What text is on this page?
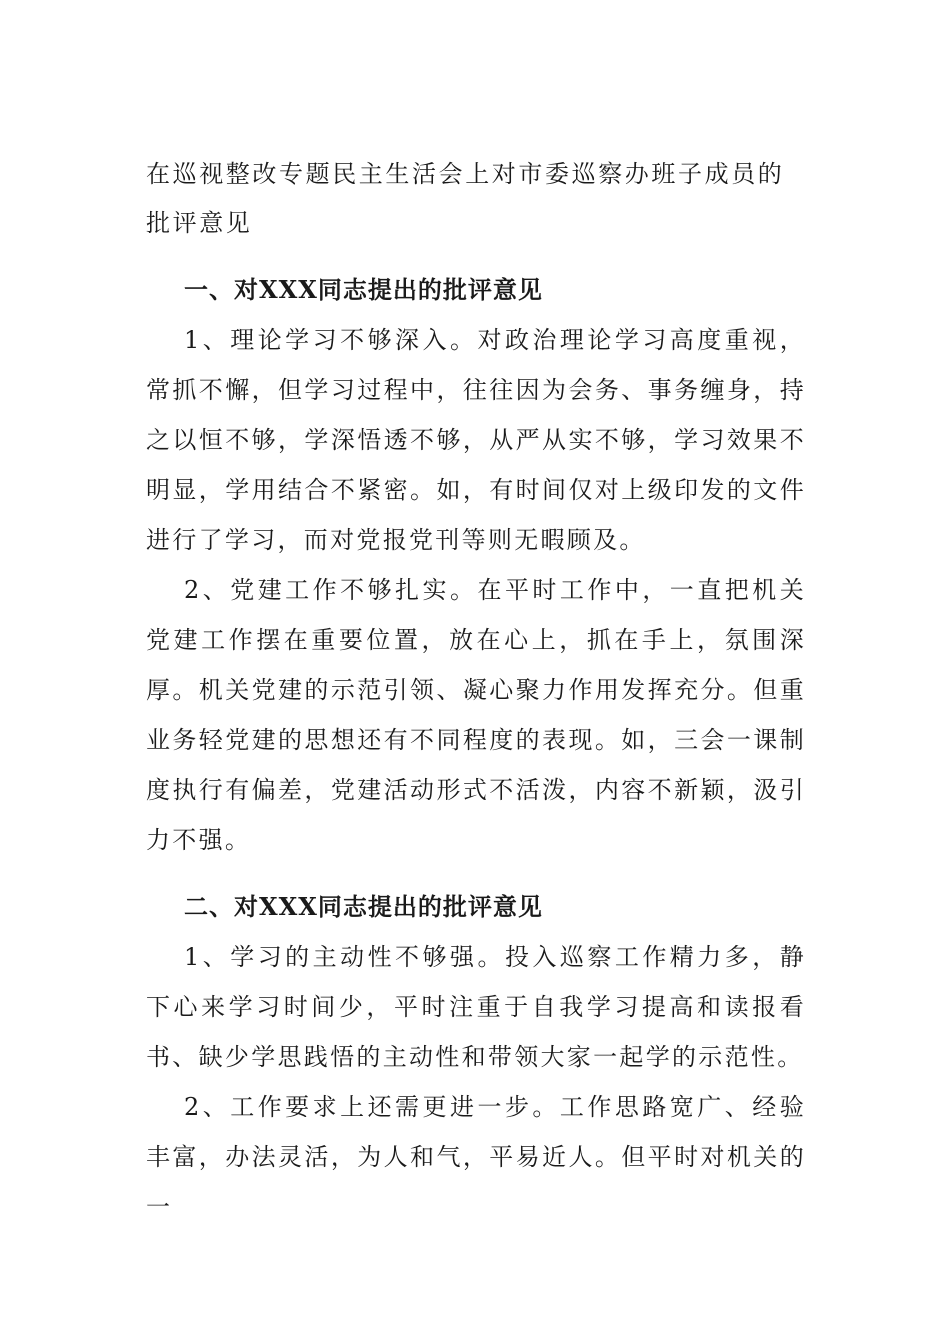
在巡视整改专题民主生活会上对市委巡察办班子成员的批评意见
一、对XXX同志提出的批评意见

1、理论学习不够深入。对政治理论学习高度重视，常抓不懈，但学习过程中，往往因为会务、事务缠身，持之以恒不够，学深悟透不够，从严从实不够，学习效果不明显，学用结合不紧密。如，有时间仅对上级印发的文件进行了学习，而对党报党刊等则无暇顾及。

2、党建工作不够扎实。在平时工作中，一直把机关党建工作摆在重要位置，放在心上，抓在手上，氛围深厚。机关党建的示范引领、凝心聚力作用发挥充分。但重业务轻党建的思想还有不同程度的表现。如，三会一课制度执行有偏差，党建活动形式不活泼，内容不新颖，汲引力不强。

二、对XXX同志提出的批评意见

1、学习的主动性不够强。投入巡察工作精力多，静下心来学习时间少，平时注重于自我学习提高和读报看书、缺少学思践悟的主动性和带领大家一起学的示范性。

2、工作要求上还需更进一步。工作思路宽广、经验丰富，办法灵活，为人和气，平易近人。但平时对机关的一
